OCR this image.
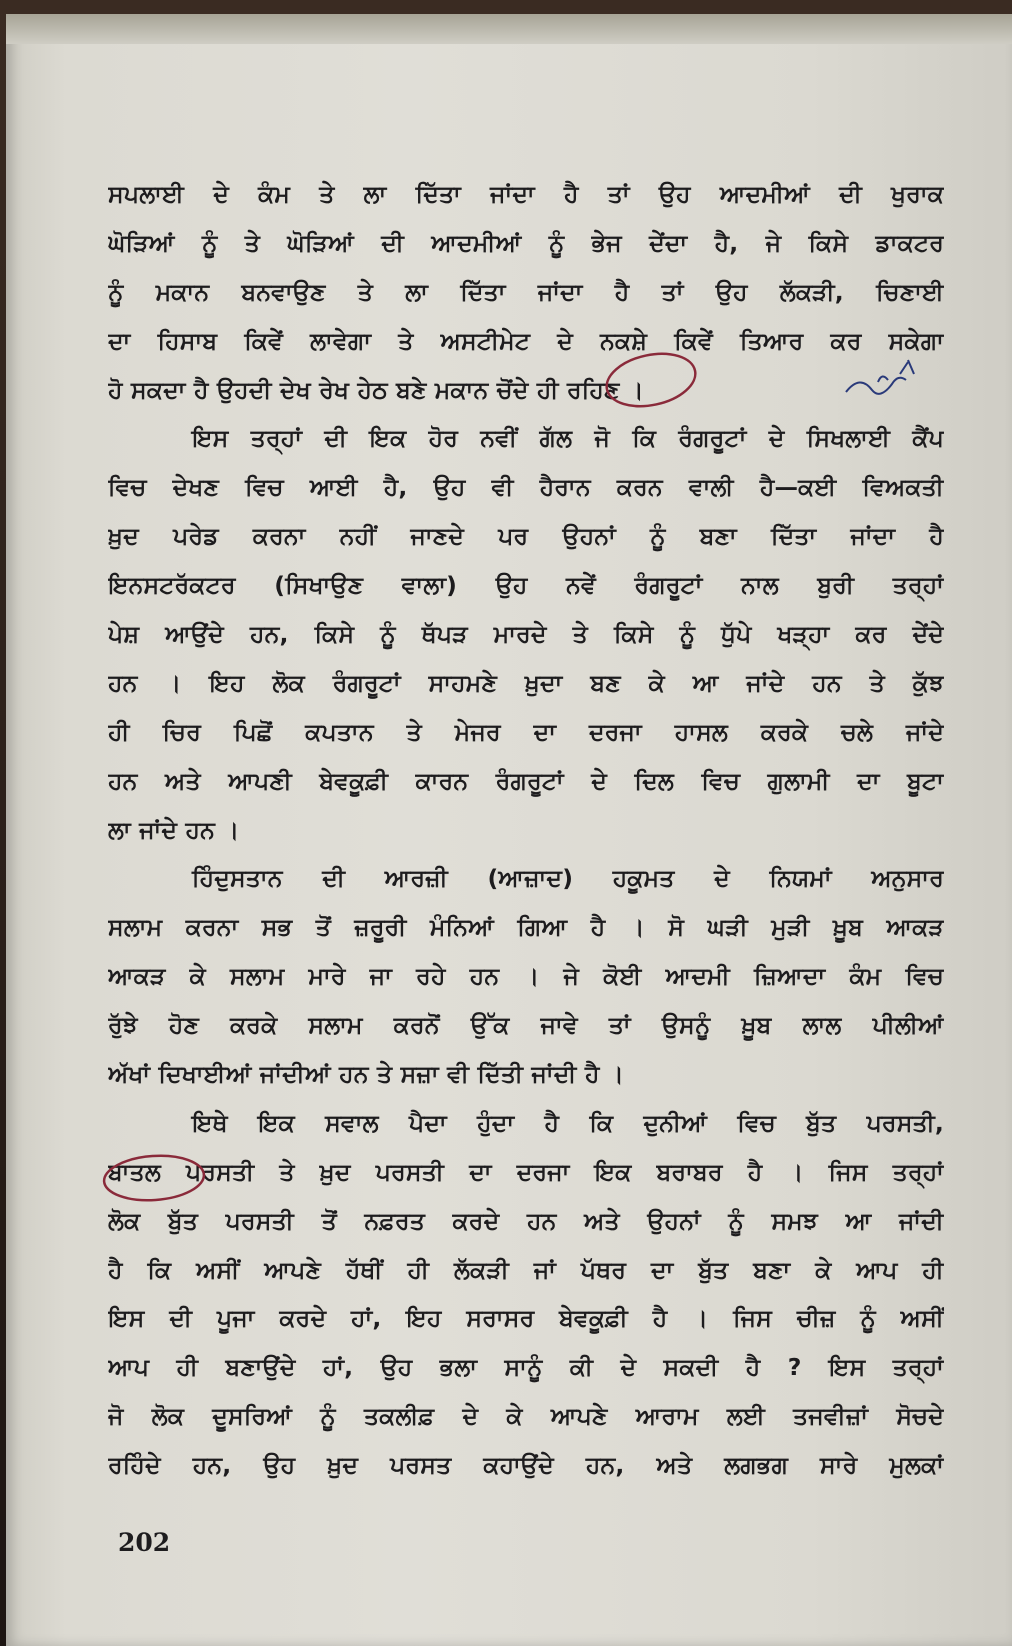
ਸਪਲਾਈ ਦੇ ਕੰਮ ਤੇ ਲਾ ਦਿੱਤਾ ਜਾਂਦਾ ਹੈ ਤਾਂ ਉਹ ਆਦਮੀਆਂ ਦੀ ਖੁਰਾਕ
ਘੋੜਿਆਂ ਨੂੰ ਤੇ ਘੋੜਿਆਂ ਦੀ ਆਦਮੀਆਂ ਨੂੰ ਭੇਜ ਦੇਂਦਾ ਹੈ, ਜੇ ਕਿਸੇ ਡਾਕਟਰ
ਨੂੰ ਮਕਾਨ ਬਨਵਾਉਣ ਤੇ ਲਾ ਦਿੱਤਾ ਜਾਂਦਾ ਹੈ ਤਾਂ ਉਹ ਲੱਕੜੀ, ਚਿਣਾਈ
ਦਾ ਹਿਸਾਬ ਕਿਵੇਂ ਲਾਵੇਗਾ ਤੇ ਅਸਟੀਮੇਟ ਦੇ ਨਕਸ਼ੇ ਕਿਵੇਂ ਤਿਆਰ ਕਰ ਸਕੇਗਾ
ਹੋ ਸਕਦਾ ਹੈ ਉਹਦੀ ਦੇਖ ਰੇਖ ਹੇਠ ਬਣੇ ਮਕਾਨ ਚੋਂਦੇ ਹੀ ਰਹਿਣ ।
ਇਸ ਤਰ੍ਹਾਂ ਦੀ ਇਕ ਹੋਰ ਨਵੀਂ ਗੱਲ ਜੋ ਕਿ ਰੰਗਰੂਟਾਂ ਦੇ ਸਿਖਲਾਈ ਕੈਂਪ
ਵਿਚ ਦੇਖਣ ਵਿਚ ਆਈ ਹੈ, ਉਹ ਵੀ ਹੈਰਾਨ ਕਰਨ ਵਾਲੀ ਹੈ—ਕਈ ਵਿਅਕਤੀ
ਖ਼ੁਦ ਪਰੇਡ ਕਰਨਾ ਨਹੀਂ ਜਾਣਦੇ ਪਰ ਉਹਨਾਂ ਨੂੰ ਬਣਾ ਦਿੱਤਾ ਜਾਂਦਾ ਹੈ
ਇਨਸਟਰੱਕਟਰ (ਸਿਖਾਉਣ ਵਾਲਾ) ਉਹ ਨਵੇਂ ਰੰਗਰੂਟਾਂ ਨਾਲ ਬੁਰੀ ਤਰ੍ਹਾਂ
ਪੇਸ਼ ਆਉਂਦੇ ਹਨ, ਕਿਸੇ ਨੂੰ ਥੱਪੜ ਮਾਰਦੇ ਤੇ ਕਿਸੇ ਨੂੰ ਧੁੱਪੇ ਖੜ੍ਹਾ ਕਰ ਦੇਂਦੇ
ਹਨ । ਇਹ ਲੋਕ ਰੰਗਰੂਟਾਂ ਸਾਹਮਣੇ ਖ਼ੁਦਾ ਬਣ ਕੇ ਆ ਜਾਂਦੇ ਹਨ ਤੇ ਕੁੱਝ
ਹੀ ਚਿਰ ਪਿਛੋਂ ਕਪਤਾਨ ਤੇ ਮੇਜਰ ਦਾ ਦਰਜਾ ਹਾਸਲ ਕਰਕੇ ਚਲੇ ਜਾਂਦੇ
ਹਨ ਅਤੇ ਆਪਣੀ ਬੇਵਕੂਫ਼ੀ ਕਾਰਨ ਰੰਗਰੂਟਾਂ ਦੇ ਦਿਲ ਵਿਚ ਗੁਲਾਮੀ ਦਾ ਬੂਟਾ
ਲਾ ਜਾਂਦੇ ਹਨ ।
ਹਿੰਦੁਸਤਾਨ ਦੀ ਆਰਜ਼ੀ (ਆਜ਼ਾਦ) ਹਕੂਮਤ ਦੇ ਨਿਯਮਾਂ ਅਨੁਸਾਰ
ਸਲਾਮ ਕਰਨਾ ਸਭ ਤੋਂ ਜ਼ਰੂਰੀ ਮੰਨਿਆਂ ਗਿਆ ਹੈ । ਸੋ ਘੜੀ ਮੁੜੀ ਖ਼ੂਬ ਆਕੜ
ਆਕੜ ਕੇ ਸਲਾਮ ਮਾਰੇ ਜਾ ਰਹੇ ਹਨ । ਜੇ ਕੋਈ ਆਦਮੀ ਜ਼ਿਆਦਾ ਕੰਮ ਵਿਚ
ਰੁੱਝੇ ਹੋਣ ਕਰਕੇ ਸਲਾਮ ਕਰਨੋਂ ਉੱਕ ਜਾਵੇ ਤਾਂ ਉਸਨੂੰ ਖ਼ੂਬ ਲਾਲ ਪੀਲੀਆਂ
ਅੱਖਾਂ ਦਿਖਾਈਆਂ ਜਾਂਦੀਆਂ ਹਨ ਤੇ ਸਜ਼ਾ ਵੀ ਦਿੱਤੀ ਜਾਂਦੀ ਹੈ ।
ਇਥੇ ਇਕ ਸਵਾਲ ਪੈਦਾ ਹੁੰਦਾ ਹੈ ਕਿ ਦੁਨੀਆਂ ਵਿਚ ਬੁੱਤ ਪਰਸਤੀ,
ਬਾਤਲ ਪਰਸਤੀ ਤੇ ਖ਼ੁਦ ਪਰਸਤੀ ਦਾ ਦਰਜਾ ਇਕ ਬਰਾਬਰ ਹੈ । ਜਿਸ ਤਰ੍ਹਾਂ
ਲੋਕ ਬੁੱਤ ਪਰਸਤੀ ਤੋਂ ਨਫ਼ਰਤ ਕਰਦੇ ਹਨ ਅਤੇ ਉਹਨਾਂ ਨੂੰ ਸਮਝ ਆ ਜਾਂਦੀ
ਹੈ ਕਿ ਅਸੀਂ ਆਪਣੇ ਹੱਥੀਂ ਹੀ ਲੱਕੜੀ ਜਾਂ ਪੱਥਰ ਦਾ ਬੁੱਤ ਬਣਾ ਕੇ ਆਪ ਹੀ
ਇਸ ਦੀ ਪੂਜਾ ਕਰਦੇ ਹਾਂ, ਇਹ ਸਰਾਸਰ ਬੇਵਕੂਫ਼ੀ ਹੈ । ਜਿਸ ਚੀਜ਼ ਨੂੰ ਅਸੀਂ
ਆਪ ਹੀ ਬਣਾਉਂਦੇ ਹਾਂ, ਉਹ ਭਲਾ ਸਾਨੂੰ ਕੀ ਦੇ ਸਕਦੀ ਹੈ ? ਇਸ ਤਰ੍ਹਾਂ
ਜੋ ਲੋਕ ਦੂਸਰਿਆਂ ਨੂੰ ਤਕਲੀਫ਼ ਦੇ ਕੇ ਆਪਣੇ ਆਰਾਮ ਲਈ ਤਜਵੀਜ਼ਾਂ ਸੋਚਦੇ
ਰਹਿੰਦੇ ਹਨ, ਉਹ ਖ਼ੁਦ ਪਰਸਤ ਕਹਾਉਂਦੇ ਹਨ, ਅਤੇ ਲਗਭਗ ਸਾਰੇ ਮੁਲਕਾਂ
202
